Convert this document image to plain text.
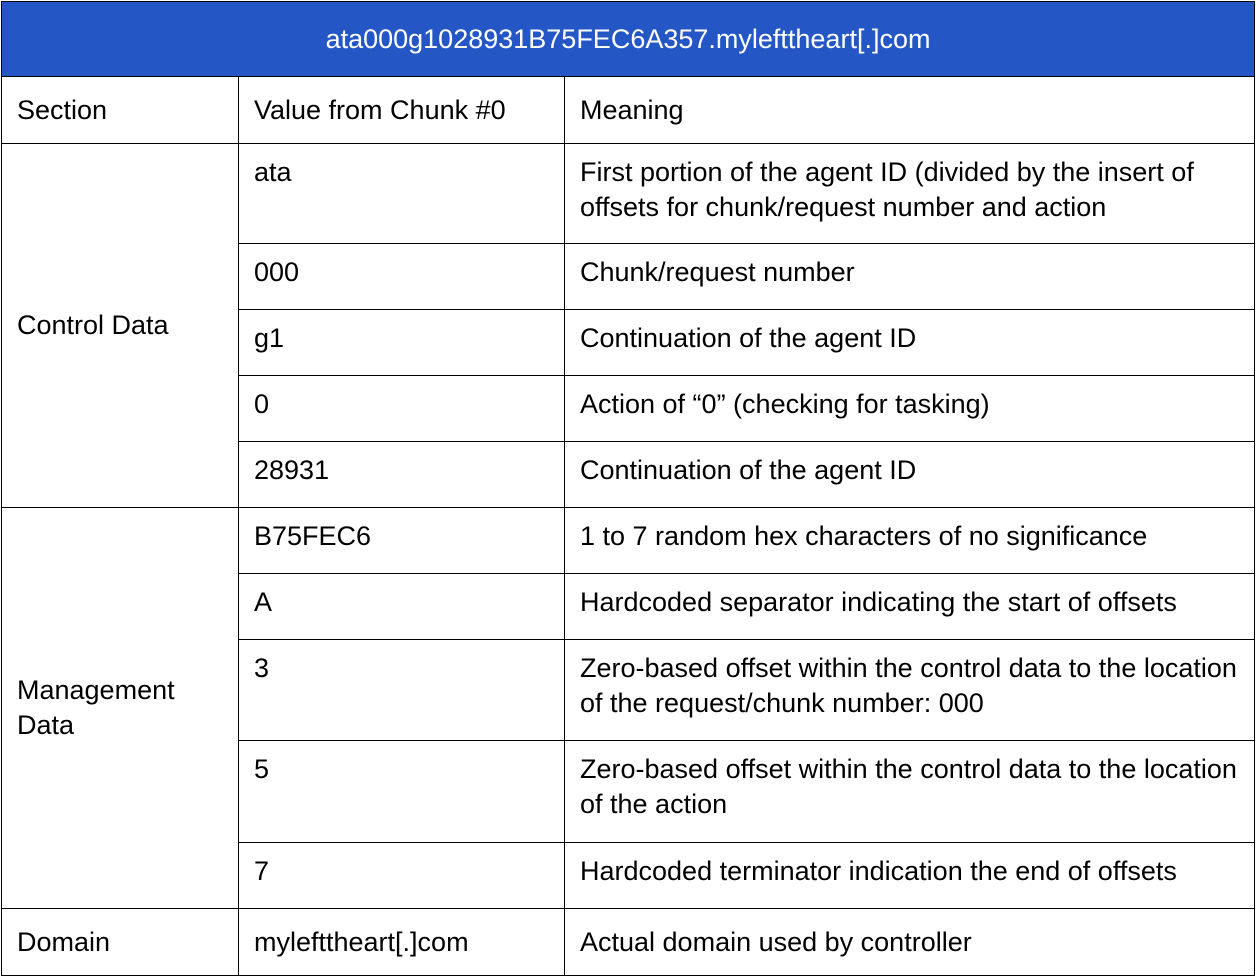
ata000g1028931B75FEC6A357.mylefttheart[.]com		
Section	Value from Chunk #0	Meaning
Control Data	ata	First portion of the agent ID (divided by the insert of offsets for chunk/request number and action
	000	Chunk/request number
	g1	Continuation of the agent ID
	0	Action of “0” (checking for tasking)
	28931	Continuation of the agent ID
Management Data	B75FEC6	1 to 7 random hex characters of no significance
	A	Hardcoded separator indicating the start of offsets
	3	Zero-based offset within the control data to the location of the request/chunk number: 000
	5	Zero-based offset within the control data to the location of the action
	7	Hardcoded terminator indication the end of offsets
Domain	mylefttheart[.]com	Actual domain used by controller
